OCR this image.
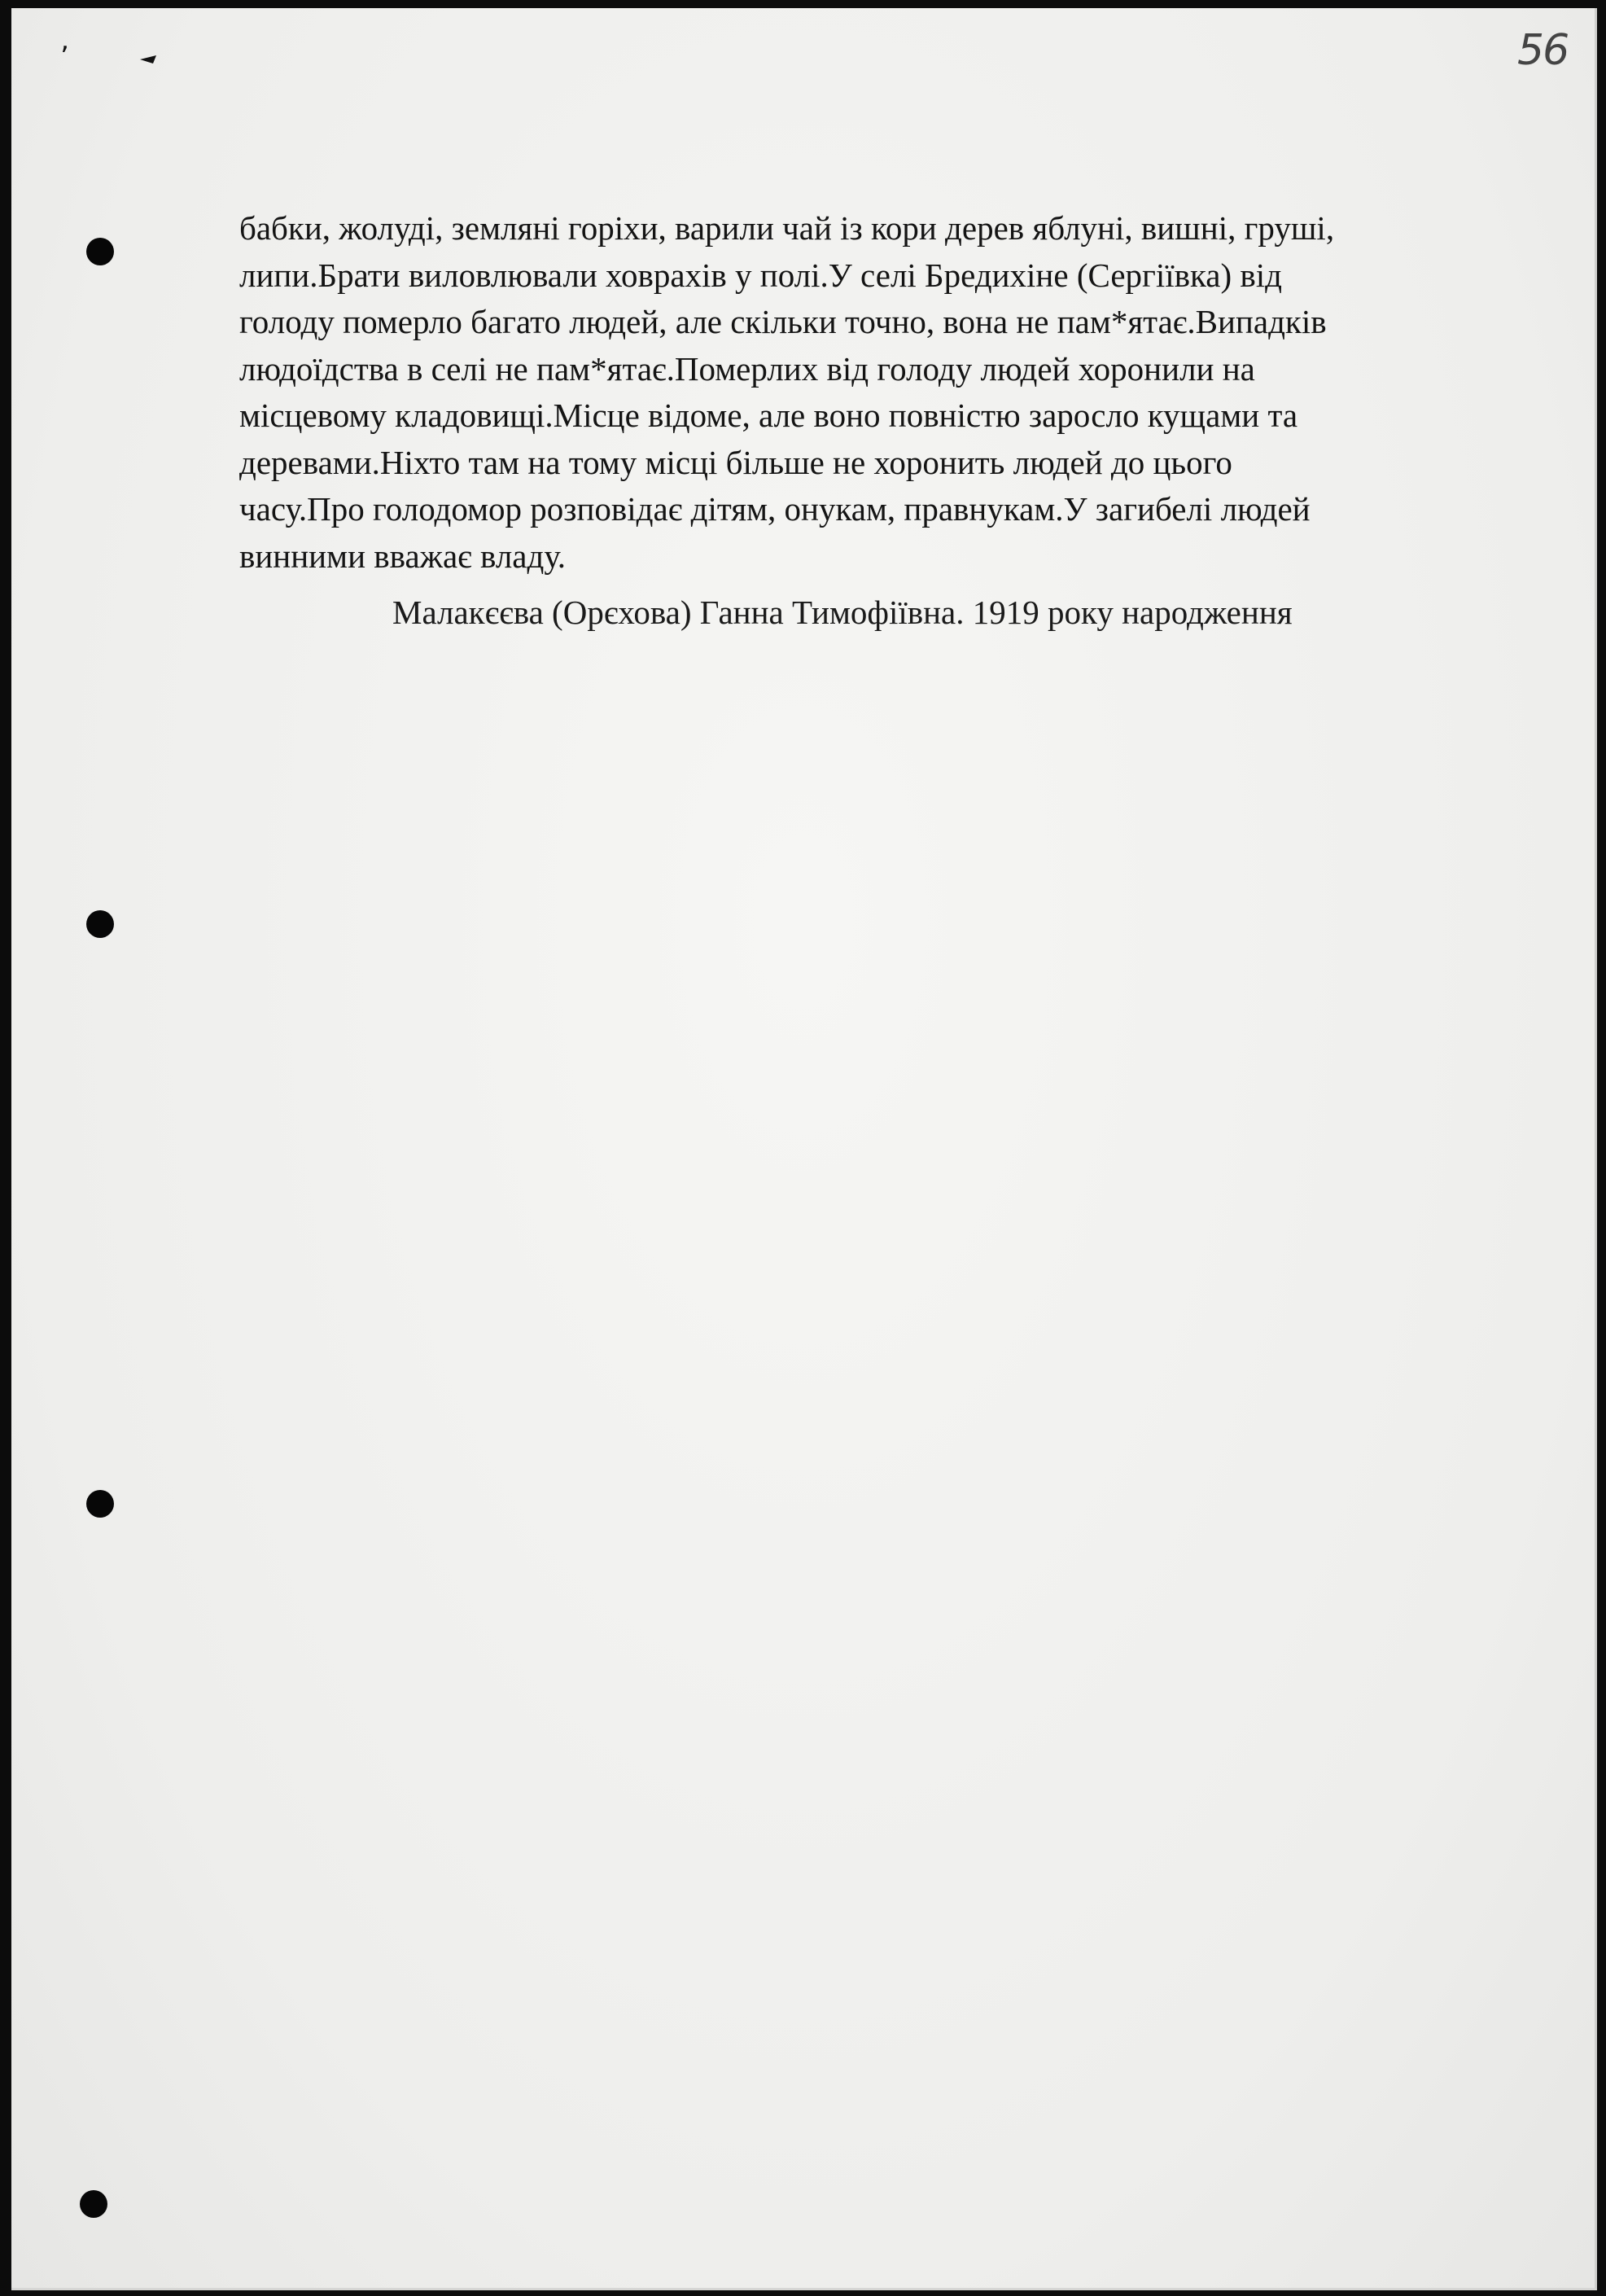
ʼ	56

бабки, жолуді, земляні горіхи, варили чай із кори дерев яблуні, вишні, груші,
липи.Брати виловлювали ховрахів у полі.У селі Бредихіне (Сергіївка) від
голоду померло багато людей, але скільки точно, вона не пам*ятає.Випадків
людоїдства в селі не пам*ятає.Померлих від голоду людей хоронили на
місцевому кладовищі.Місце відоме, але воно повністю заросло кущами та
деревами.Ніхто там на тому місці більше не хоронить людей до цього
часу.Про голодомор розповідає дітям, онукам, правнукам.У загибелі людей
винними вважає владу.

Малакєєва (Орєхова) Ганна Тимофіївна. 1919 року народження
